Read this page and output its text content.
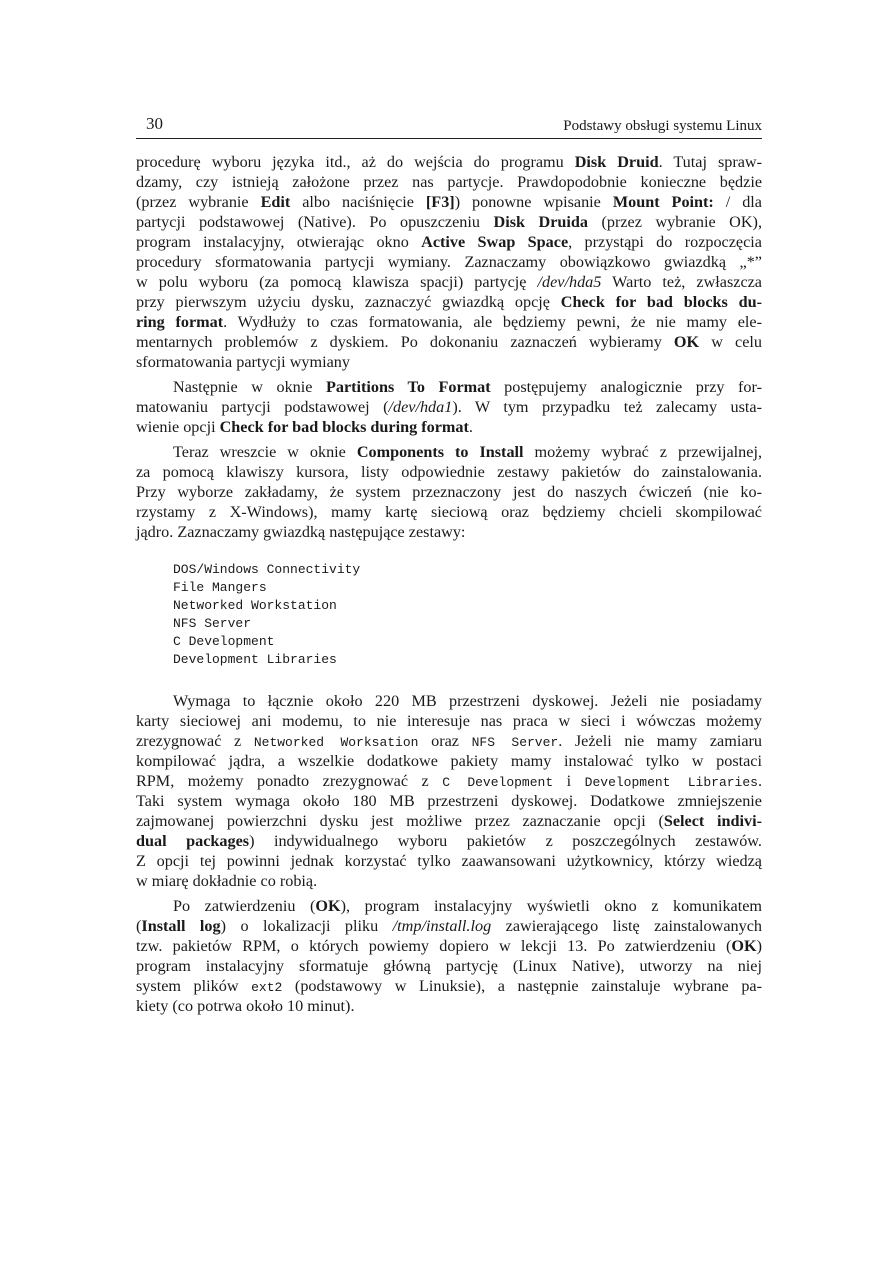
30	Podstawy obsługi systemu Linux
procedurę wyboru języka itd., aż do wejścia do programu Disk Druid. Tutaj spraw-
dzamy, czy istnieją założone przez nas partycje. Prawdopodobnie konieczne będzie
(przez wybranie Edit albo naciśnięcie [F3]) ponowne wpisanie Mount Point: / dla
partycji podstawowej (Native). Po opuszczeniu Disk Druida (przez wybranie OK),
program instalacyjny, otwierając okno Active Swap Space, przystąpi do rozpoczęcia
procedury sformatowania partycji wymiany. Zaznaczamy obowiązkowo gwiazdką „*”
w polu wyboru (za pomocą klawisza spacji) partycję /dev/hda5 Warto też, zwłaszcza
przy pierwszym użyciu dysku, zaznaczyć gwiazdką opcję Check for bad blocks du-
ring format. Wydłuży to czas formatowania, ale będziemy pewni, że nie mamy ele-
mentarnych problemów z dyskiem. Po dokonaniu zaznaczeń wybieramy OK w celu
sformatowania partycji wymiany
Następnie w oknie Partitions To Format postępujemy analogicznie przy for-
matowaniu partycji podstawowej (/dev/hda1). W tym przypadku też zalecamy usta-
wienie opcji Check for bad blocks during format.
Teraz wreszcie w oknie Components to Install możemy wybrać z przewijalnej,
za pomocą klawiszy kursora, listy odpowiednie zestawy pakietów do zainstalowania.
Przy wyborze zakładamy, że system przeznaczony jest do naszych ćwiczeń (nie ko-
rzystamy z X-Windows), mamy kartę sieciową oraz będziemy chcieli skompilować
jądro. Zaznaczamy gwiazdką następujące zestawy:
DOS/Windows Connectivity
File Mangers
Networked Workstation
NFS Server
C Development
Development Libraries
Wymaga to łącznie około 220 MB przestrzeni dyskowej. Jeżeli nie posiadamy
karty sieciowej ani modemu, to nie interesuje nas praca w sieci i wówczas możemy
zrezygnować z Networked Worksation oraz NFS Server. Jeżeli nie mamy zamiaru
kompilować jądra, a wszelkie dodatkowe pakiety mamy instalować tylko w postaci
RPM, możemy ponadto zrezygnować z C Development i Development Libraries.
Taki system wymaga około 180 MB przestrzeni dyskowej. Dodatkowe zmniejszenie
zajmowanej powierzchni dysku jest możliwe przez zaznaczanie opcji (Select indivi-
dual packages) indywidualnego wyboru pakietów z poszczególnych zestawów.
Z opcji tej powinni jednak korzystać tylko zaawansowani użytkownicy, którzy wiedzą
w miarę dokładnie co robią.
Po zatwierdzeniu (OK), program instalacyjny wyświetli okno z komunikatem
(Install log) o lokalizacji pliku /tmp/install.log zawierającego listę zainstalowanych
tzw. pakietów RPM, o których powiemy dopiero w lekcji 13. Po zatwierdzeniu (OK)
program instalacyjny sformatuje główną partycję (Linux Native), utworzy na niej
system plików ext2 (podstawowy w Linuksie), a następnie zainstaluje wybrane pa-
kiety (co potrwa około 10 minut).
